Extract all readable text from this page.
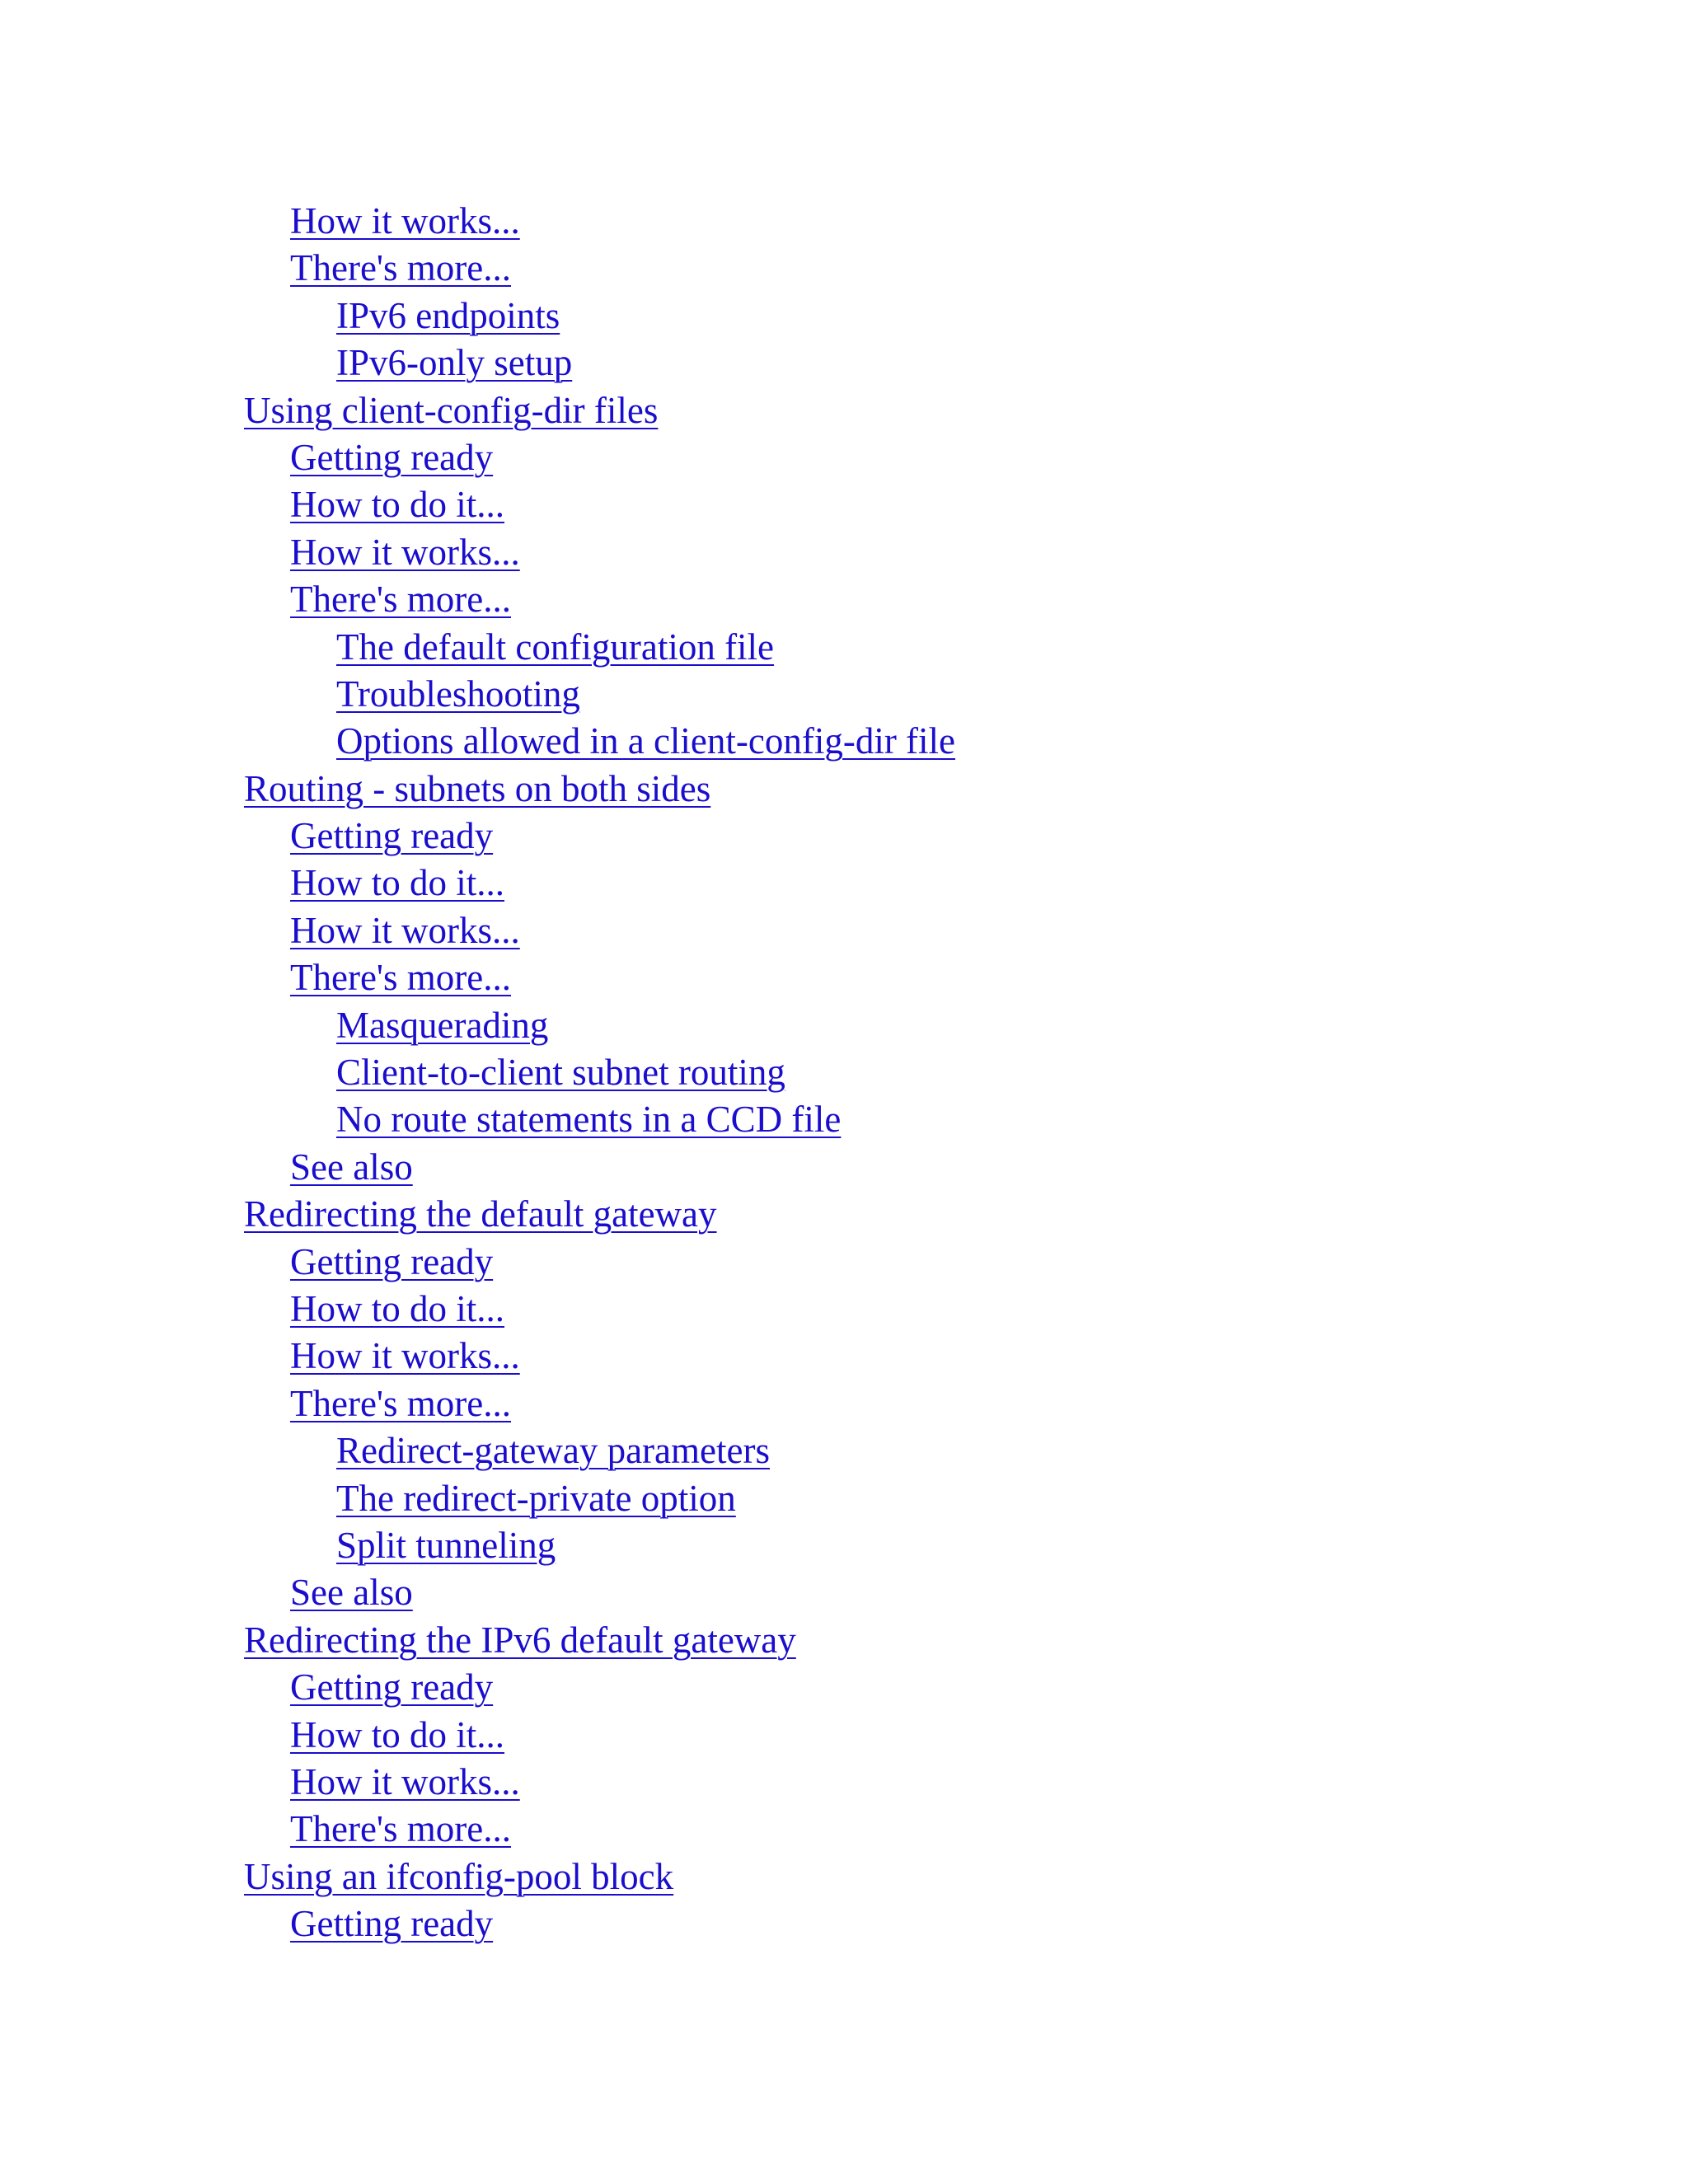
How it works...
There's more...
IPv6 endpoints
IPv6-only setup
Using client-config-dir files
Getting ready
How to do it...
How it works...
There's more...
The default configuration file
Troubleshooting
Options allowed in a client-config-dir file
Routing - subnets on both sides
Getting ready
How to do it...
How it works...
There's more...
Masquerading
Client-to-client subnet routing
No route statements in a CCD file
See also
Redirecting the default gateway
Getting ready
How to do it...
How it works...
There's more...
Redirect-gateway parameters
The redirect-private option
Split tunneling
See also
Redirecting the IPv6 default gateway
Getting ready
How to do it...
How it works...
There's more...
Using an ifconfig-pool block
Getting ready
